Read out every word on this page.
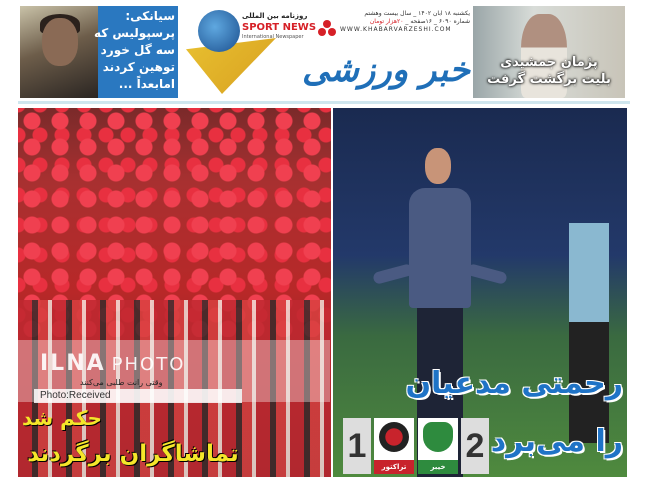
سیانکی:
پرسپولیس که
سه گل خورد
توهین کردند
امابعداً ...
روزنامه بین المللی
SPORT NEWS
International Newspaper
یکشنبه ۱۸ آبان ۱۴۰۲ _ سال بیست وهشتم
شماره ۶۰۹۰ _ ۱۶صفحه _ ۲۰هزار تومان
WWW.KHABARVARZESHI.COM
خبر ورزشی	پژمان جمشیدی
بلیت برگشت گرفت
ILNA PHOTO
وقتی رانت طلبی می‌کنند
Photo:Received
حکم شد
تماشاگران برگردند
رحمتی مدعیان
را می‌برد
1
تراکتور	خیبر
2
